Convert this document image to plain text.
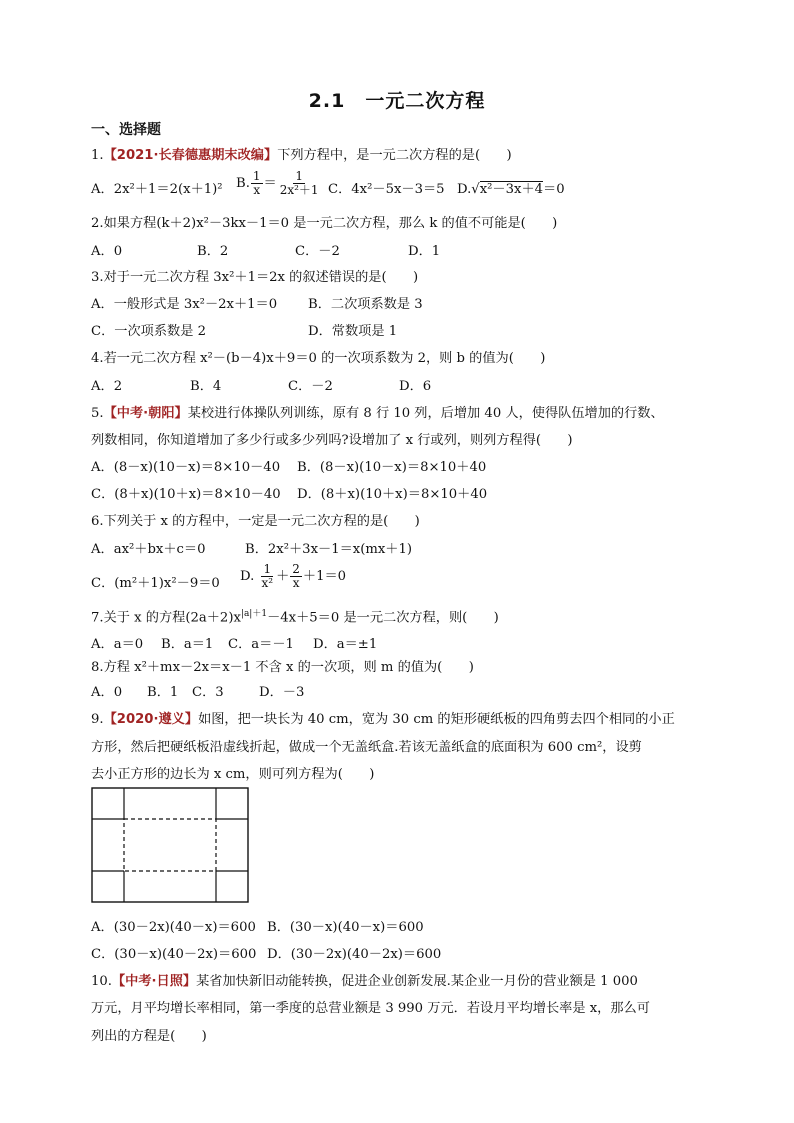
2.1　一元二次方程
一、选择题
1.【2021·长春德惠期末改编】下列方程中，是一元二次方程的是(　　)
A．2x²＋1＝2(x＋1)² B. $\frac{1}{x} = \frac{1}{\text{2x²＋1}}$ C．4x²－5x－3＝5 D.√x²－3x＋4＝0
2.如果方程(k＋2)x²－3kx－1＝0 是一元二次方程，那么 k 的值不可能是(　　)
A．0	B．2	C．－2	D．1
3.对于一元二次方程 3x²＋1＝2x 的叙述错误的是(　　)
A．一般形式是 3x²－2x＋1＝0 B．二次项系数是 3
C．一次项系数是 2	D．常数项是 1
4.若一元二次方程 x²－(b－4)x＋9＝0 的一次项系数为 2，则 b 的值为(　　)
A．2	B．4	C．－2	D．6
5.【中考·朝阳】某校进行体操队列训练，原有 8 行 10 列，后增加 40 人，使得队伍增加的行数、
列数相同，你知道增加了多少行或多少列吗?设增加了 x 行或列，则列方程得(　　)
A．(8－x)(10－x)＝8×10－40 B．(8－x)(10－x)＝8×10＋40
C．(8＋x)(10＋x)＝8×10－40 D．(8＋x)(10＋x)＝8×10＋40
6.下列关于 x 的方程中，一定是一元二次方程的是(　　)
A．ax²＋bx＋c＝0	B．2x²＋3x－1＝x(mx＋1)
C．(m²＋1)x²－9＝0 D. $\frac{1}{\text{x²}} + \frac{2}{x} +1=0$
7.关于 x 的方程$(2a+2)x^{|a|+1}-4x+5=0$ 是一元二次方程，则(　　)
A．a＝0 B．a＝1 C．a＝－1 D．a＝±1
8.方程 x²＋mx－2x＝x－1 不含 x 的一次项，则 m 的值为(　　)
A．0 B．1 C．3	D．－3
9.【2020·遵义】如图，把一块长为 40 cm，宽为 30 cm 的矩形硬纸板的四角剪去四个相同的小正
方形，然后把硬纸板沿虚线折起，做成一个无盖纸盒.若该无盖纸盒的底面积为 600 cm²，设剪
去小正方形的边长为 x cm，则可列方程为(　　)
A．(30－2x)(40－x)＝600 B．(30－x)(40－x)＝600
C．(30－x)(40－2x)＝600 D．(30－2x)(40－2x)＝600
10.【中考·日照】某省加快新旧动能转换，促进企业创新发展.某企业一月份的营业额是 1 000
万元，月平均增长率相同，第一季度的总营业额是 3 990 万元．若设月平均增长率是 x，那么可
列出的方程是(　　)
